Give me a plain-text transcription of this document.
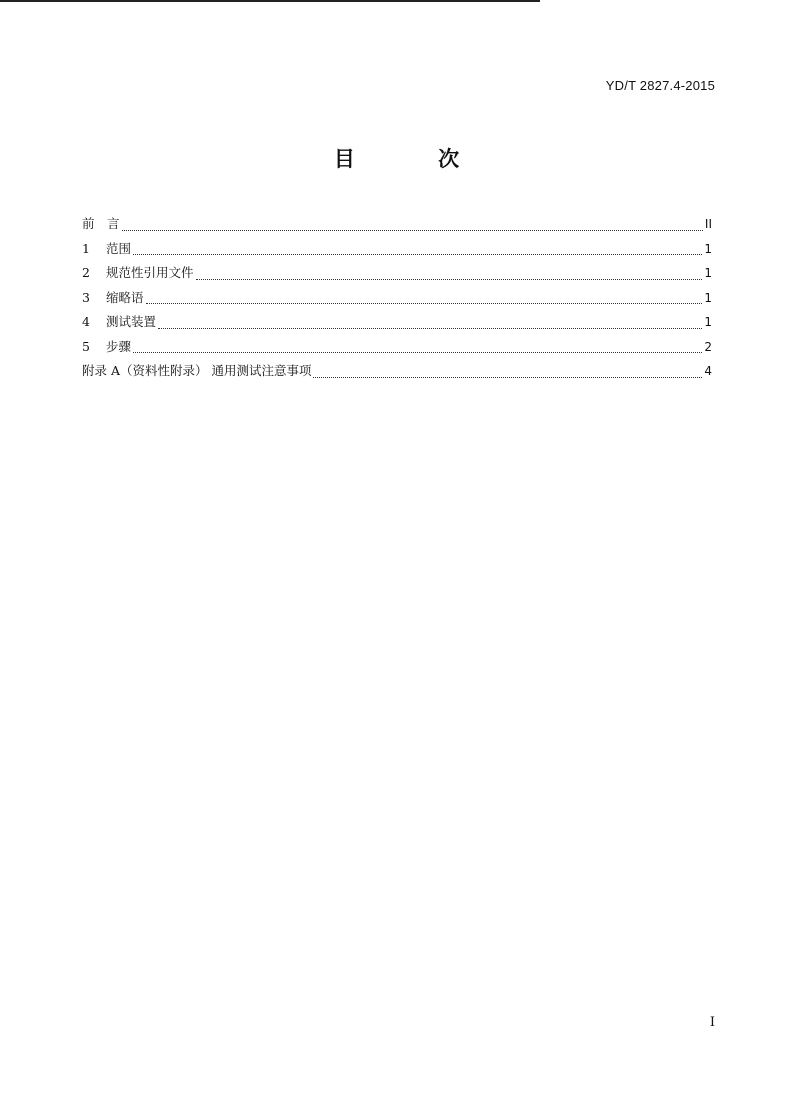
YD/T 2827.4-2015
目 次
前　言	II
1	范围	1
2	规范性引用文件	1
3	缩略语	1
4	测试装置	1
5	步骤	2
附录 A（资料性附录） 通用测试注意事项	4
I
